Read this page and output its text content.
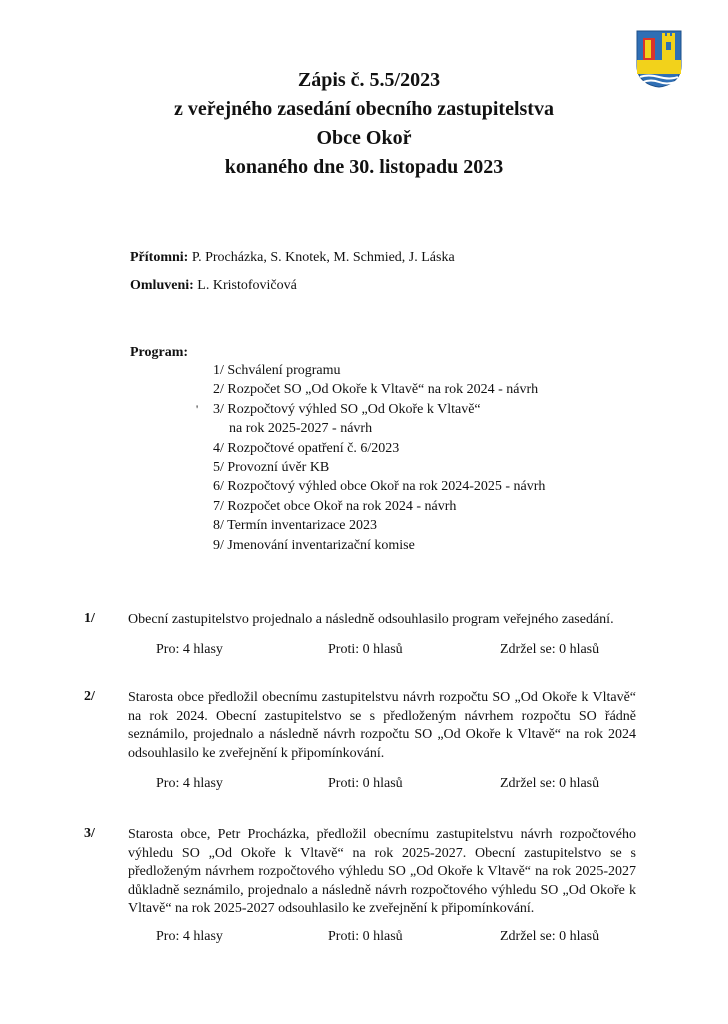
Zápis č. 5.5/2023
z veřejného zasedání obecního zastupitelstva
Obce Okoř
konaného dne 30. listopadu 2023
Přítomni: P. Procházka, S. Knotek, M. Schmied, J. Láska
Omluveni: L. Kristofovičová
Program:
'
1/ Schválení programu
2/ Rozpočet SO „Od Okoře k Vltavě“ na rok 2024 - návrh
3/ Rozpočtový výhled SO „Od Okoře k Vltavě“
na rok 2025-2027 - návrh
4/ Rozpočtové opatření č. 6/2023
5/ Provozní úvěr KB
6/ Rozpočtový výhled obce Okoř na rok 2024-2025 - návrh
7/ Rozpočet obce Okoř na rok 2024 - návrh
8/ Termín inventarizace 2023
9/ Jmenování inventarizační komise
1/ Obecní zastupitelstvo projednalo a následně odsouhlasilo program veřejného zasedání.
Pro: 4 hlasy	Proti: 0 hlasů	Zdržel se: 0 hlasů
2/ Starosta obce předložil obecnímu zastupitelstvu návrh rozpočtu SO „Od Okoře k Vltavě“ na rok 2024. Obecní zastupitelstvo se s předloženým návrhem rozpočtu SO řádně seznámilo, projednalo a následně návrh rozpočtu SO „Od Okoře k Vltavě“ na rok 2024 odsouhlasilo ke zveřejnění k připomínkování.
Pro: 4 hlasy	Proti: 0 hlasů	Zdržel se: 0 hlasů
3/ Starosta obce, Petr Procházka, předložil obecnímu zastupitelstvu návrh rozpočtového výhledu SO „Od Okoře k Vltavě“ na rok 2025-2027. Obecní zastupitelstvo se s předloženým návrhem rozpočtového výhledu SO „Od Okoře k Vltavě“ na rok 2025-2027 důkladně seznámilo, projednalo a následně návrh rozpočtového výhledu SO „Od Okoře k Vltavě“ na rok 2025-2027 odsouhlasilo ke zveřejnění k připomínkování.
Pro: 4 hlasy	Proti: 0 hlasů	Zdržel se: 0 hlasů
